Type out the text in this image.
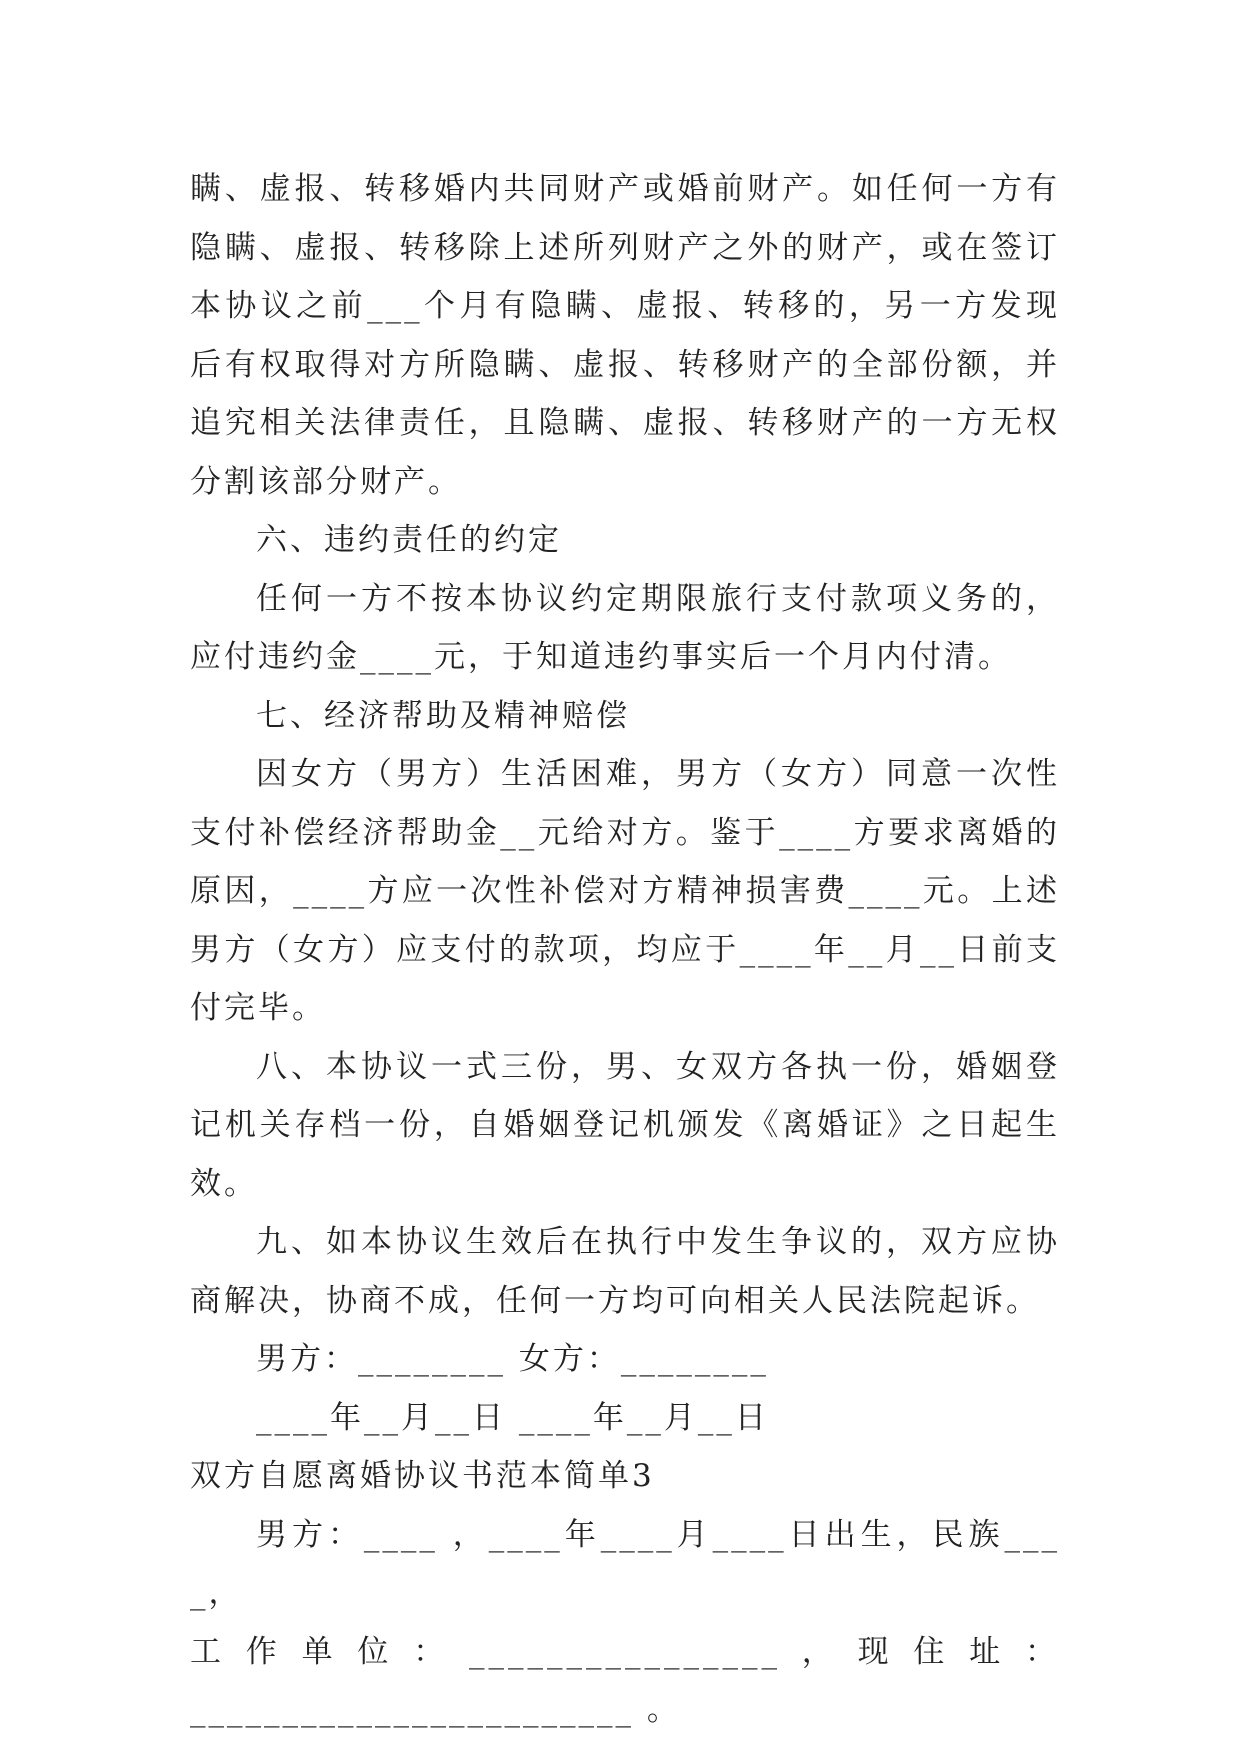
瞒、虚报、转移婚内共同财产或婚前财产。如任何一方有隐瞒、虚报、转移除上述所列财产之外的财产，或在签订本协议之前___个月有隐瞒、虚报、转移的，另一方发现后有权取得对方所隐瞒、虚报、转移财产的全部份额，并追究相关法律责任，且隐瞒、虚报、转移财产的一方无权分割该部分财产。

六、违约责任的约定

任何一方不按本协议约定期限旅行支付款项义务的，应付违约金____元，于知道违约事实后一个月内付清。

七、经济帮助及精神赔偿

因女方（男方）生活困难，男方（女方）同意一次性支付补偿经济帮助金__元给对方。鉴于____方要求离婚的原因，____方应一次性补偿对方精神损害费____元。上述男方（女方）应支付的款项，均应于____年__月__日前支付完毕。

八、本协议一式三份，男、女双方各执一份，婚姻登记机关存档一份，自婚姻登记机颁发《离婚证》之日起生效。

九、如本协议生效后在执行中发生争议的，双方应协商解决，协商不成，任何一方均可向相关人民法院起诉。

男方：________ 女方：________

____年__月__日 ____年__月__日

双方自愿离婚协议书范本简单3

男方：____ ，____年____月____日出生，民族____，

工作单位：________________，现住址：

________________________ 。
